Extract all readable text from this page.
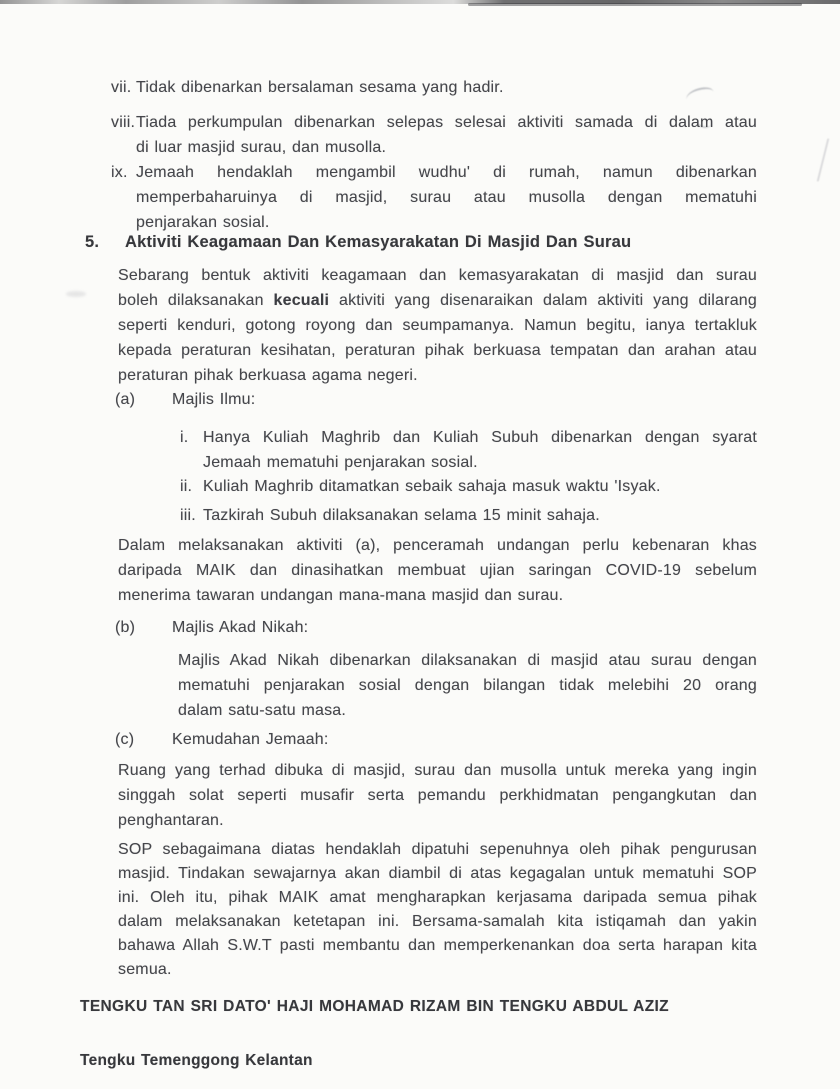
vii. Tidak dibenarkan bersalaman sesama yang hadir.
viii. Tiada perkumpulan dibenarkan selepas selesai aktiviti samada di dalam atau
di luar masjid surau, dan musolla.
ix. Jemaah hendaklah mengambil wudhu' di rumah, namun dibenarkan
memperbaharuinya di masjid, surau atau musolla dengan mematuhi
penjarakan sosial.
5. Aktiviti Keagamaan Dan Kemasyarakatan Di Masjid Dan Surau
Sebarang bentuk aktiviti keagamaan dan kemasyarakatan di masjid dan surau
boleh dilaksanakan kecuali aktiviti yang disenaraikan dalam aktiviti yang dilarang
seperti kenduri, gotong royong dan seumpamanya. Namun begitu, ianya tertakluk
kepada peraturan kesihatan, peraturan pihak berkuasa tempatan dan arahan atau
peraturan pihak berkuasa agama negeri.
(a) Majlis Ilmu:
i. Hanya Kuliah Maghrib dan Kuliah Subuh dibenarkan dengan syarat
Jemaah mematuhi penjarakan sosial.
ii. Kuliah Maghrib ditamatkan sebaik sahaja masuk waktu 'Isyak.
iii. Tazkirah Subuh dilaksanakan selama 15 minit sahaja.
Dalam melaksanakan aktiviti (a), penceramah undangan perlu kebenaran khas
daripada MAIK dan dinasihatkan membuat ujian saringan COVID-19 sebelum
menerima tawaran undangan mana-mana masjid dan surau.
(b) Majlis Akad Nikah:
Majlis Akad Nikah dibenarkan dilaksanakan di masjid atau surau dengan
mematuhi penjarakan sosial dengan bilangan tidak melebihi 20 orang
dalam satu-satu masa.
(c) Kemudahan Jemaah:
Ruang yang terhad dibuka di masjid, surau dan musolla untuk mereka yang ingin
singgah solat seperti musafir serta pemandu perkhidmatan pengangkutan dan
penghantaran.
SOP sebagaimana diatas hendaklah dipatuhi sepenuhnya oleh pihak pengurusan
masjid. Tindakan sewajarnya akan diambil di atas kegagalan untuk mematuhi SOP
ini. Oleh itu, pihak MAIK amat mengharapkan kerjasama daripada semua pihak
dalam melaksanakan ketetapan ini. Bersama-samalah kita istiqamah dan yakin
bahawa Allah S.W.T pasti membantu dan memperkenankan doa serta harapan kita
semua.
TENGKU TAN SRI DATO' HAJI MOHAMAD RIZAM BIN TENGKU ABDUL AZIZ
Tengku Temenggong Kelantan
